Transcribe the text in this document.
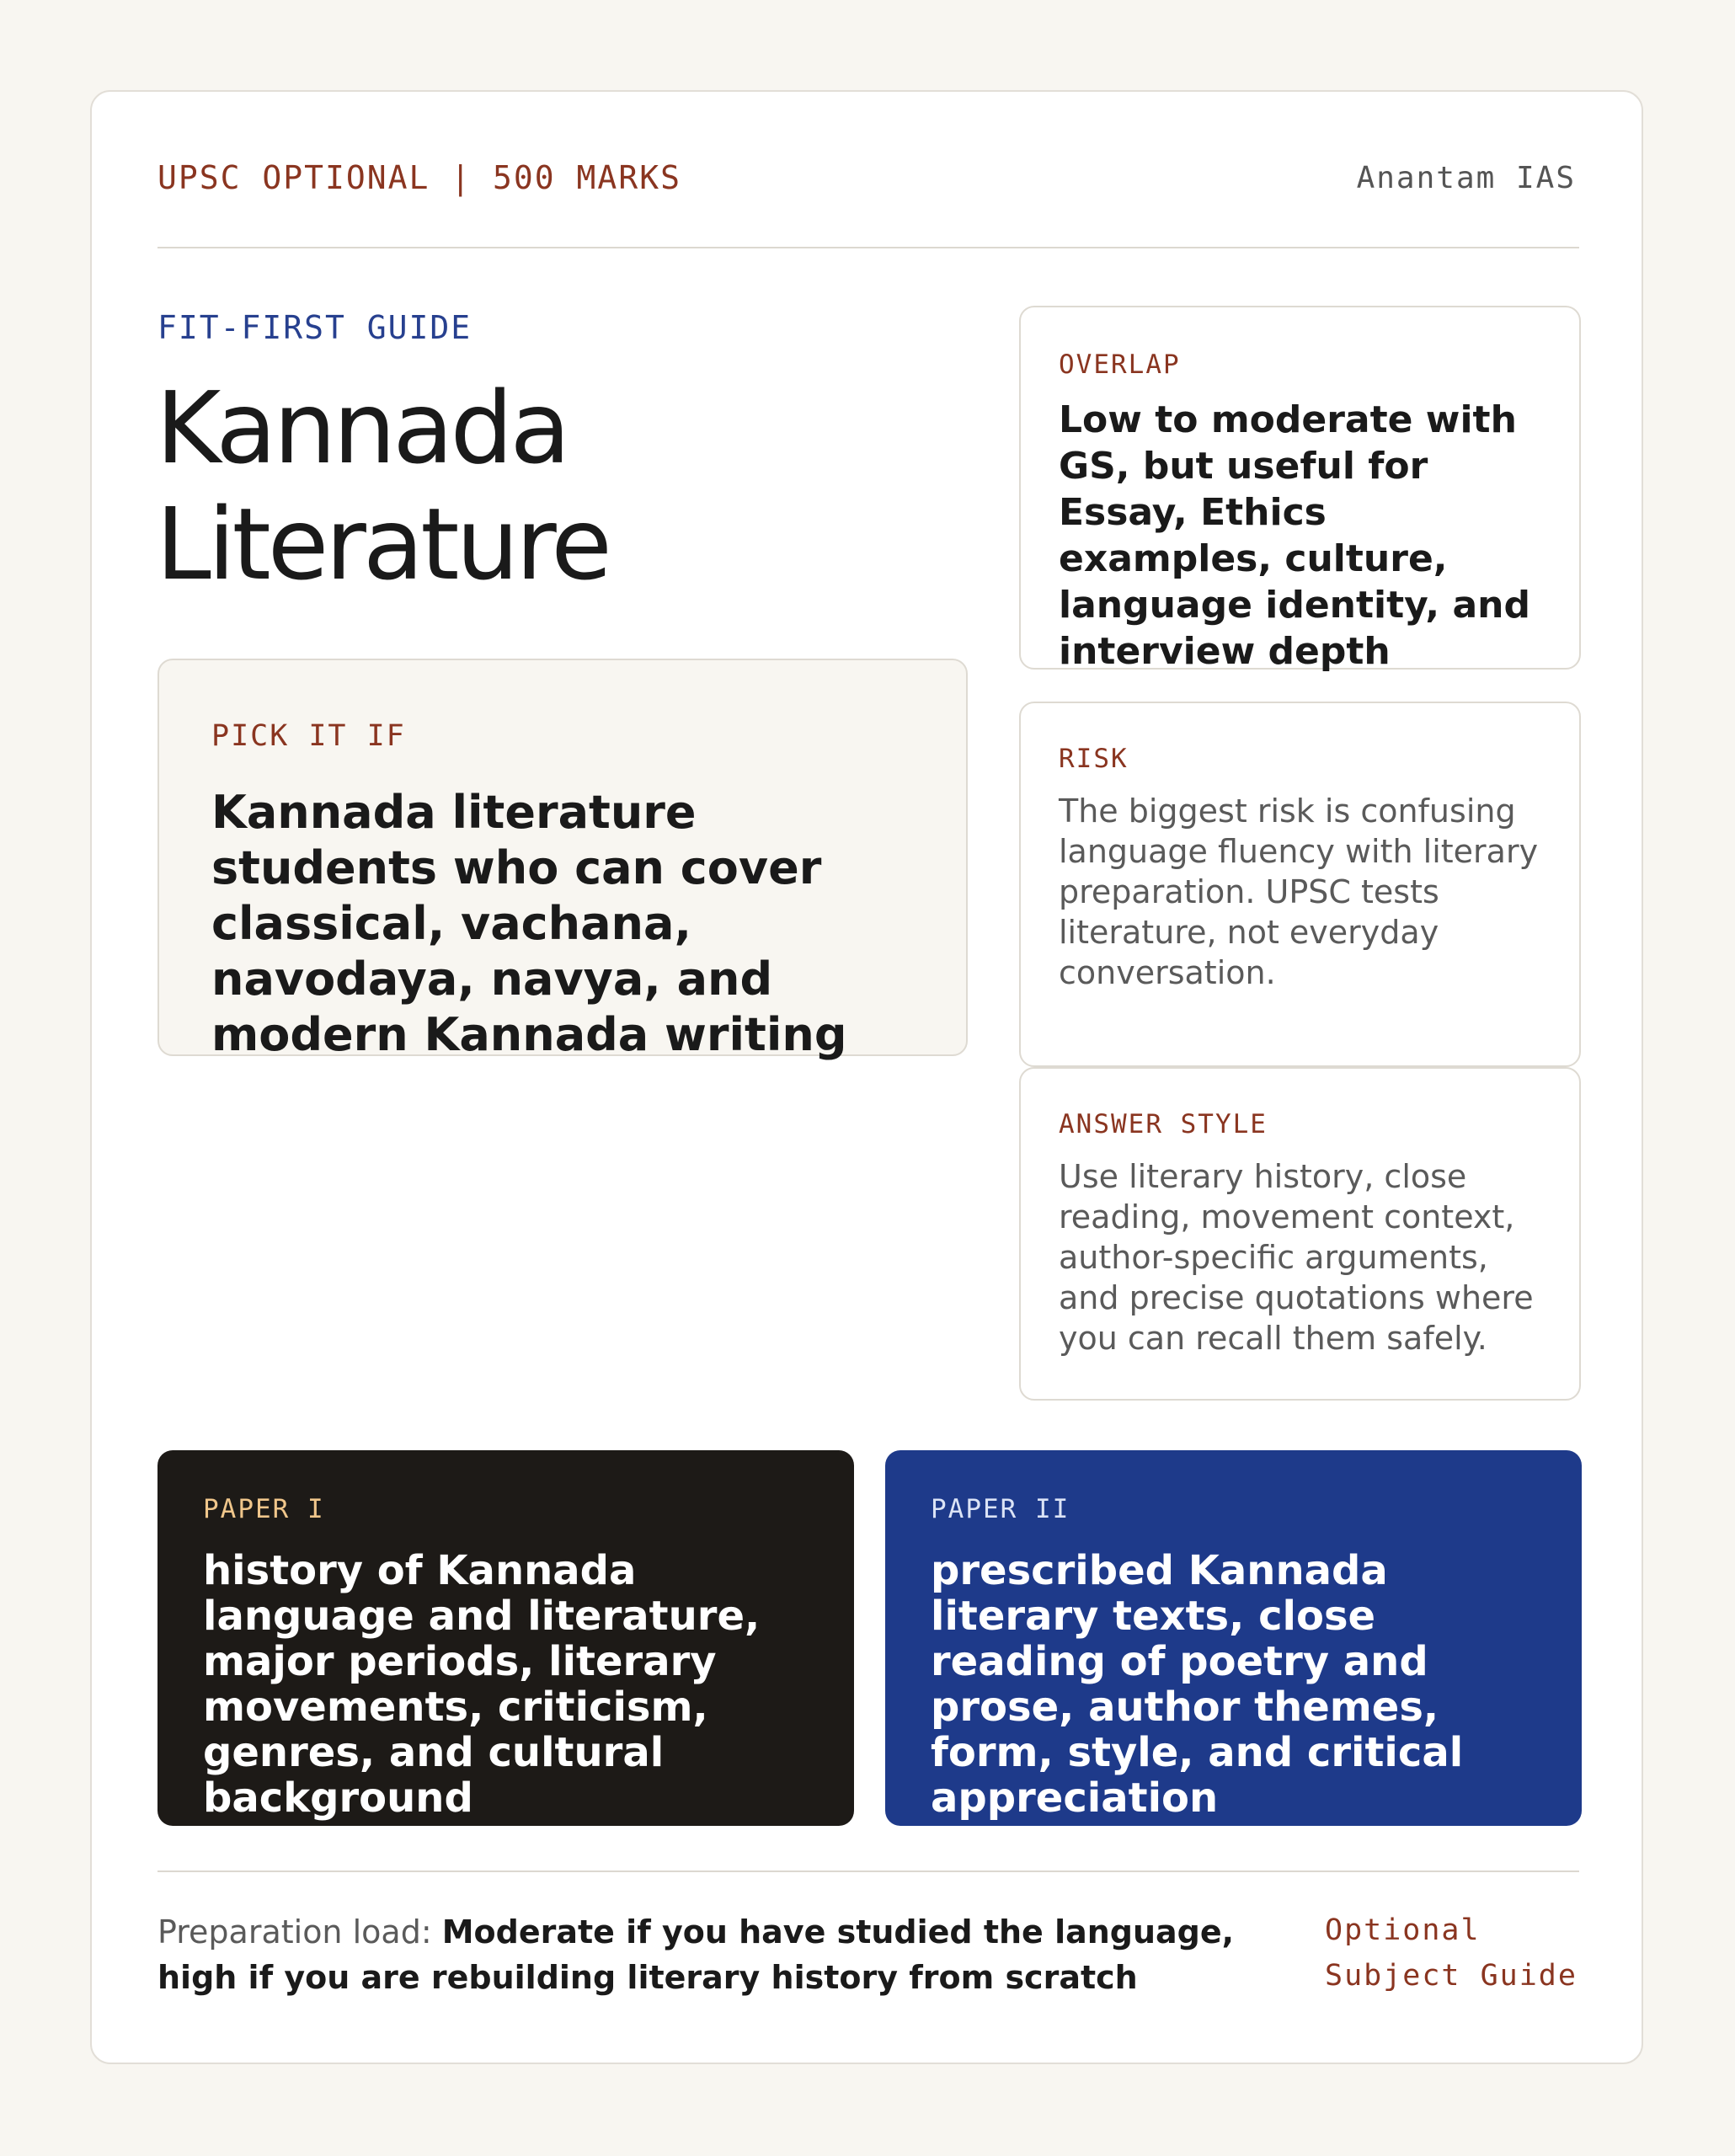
UPSC OPTIONAL | 500 MARKS	Anantam IAS
FIT-FIRST GUIDE
Kannada
Literature
PICK IT IF
Kannada literature students who can cover classical, vachana, navodaya, navya, and modern Kannada writing
OVERLAP
Low to moderate with GS, but useful for Essay, Ethics examples, culture, language identity, and interview depth
RISK
The biggest risk is confusing language fluency with literary preparation. UPSC tests literature, not everyday conversation.
ANSWER STYLE
Use literary history, close reading, movement context, author-specific arguments, and precise quotations where you can recall them safely.
PAPER I
history of Kannada language and literature, major periods, literary movements, criticism, genres, and cultural background
PAPER II
prescribed Kannada literary texts, close reading of poetry and prose, author themes, form, style, and critical appreciation
Preparation load: Moderate if you have studied the language, high if you are rebuilding literary history from scratch
Optional
Subject Guide
